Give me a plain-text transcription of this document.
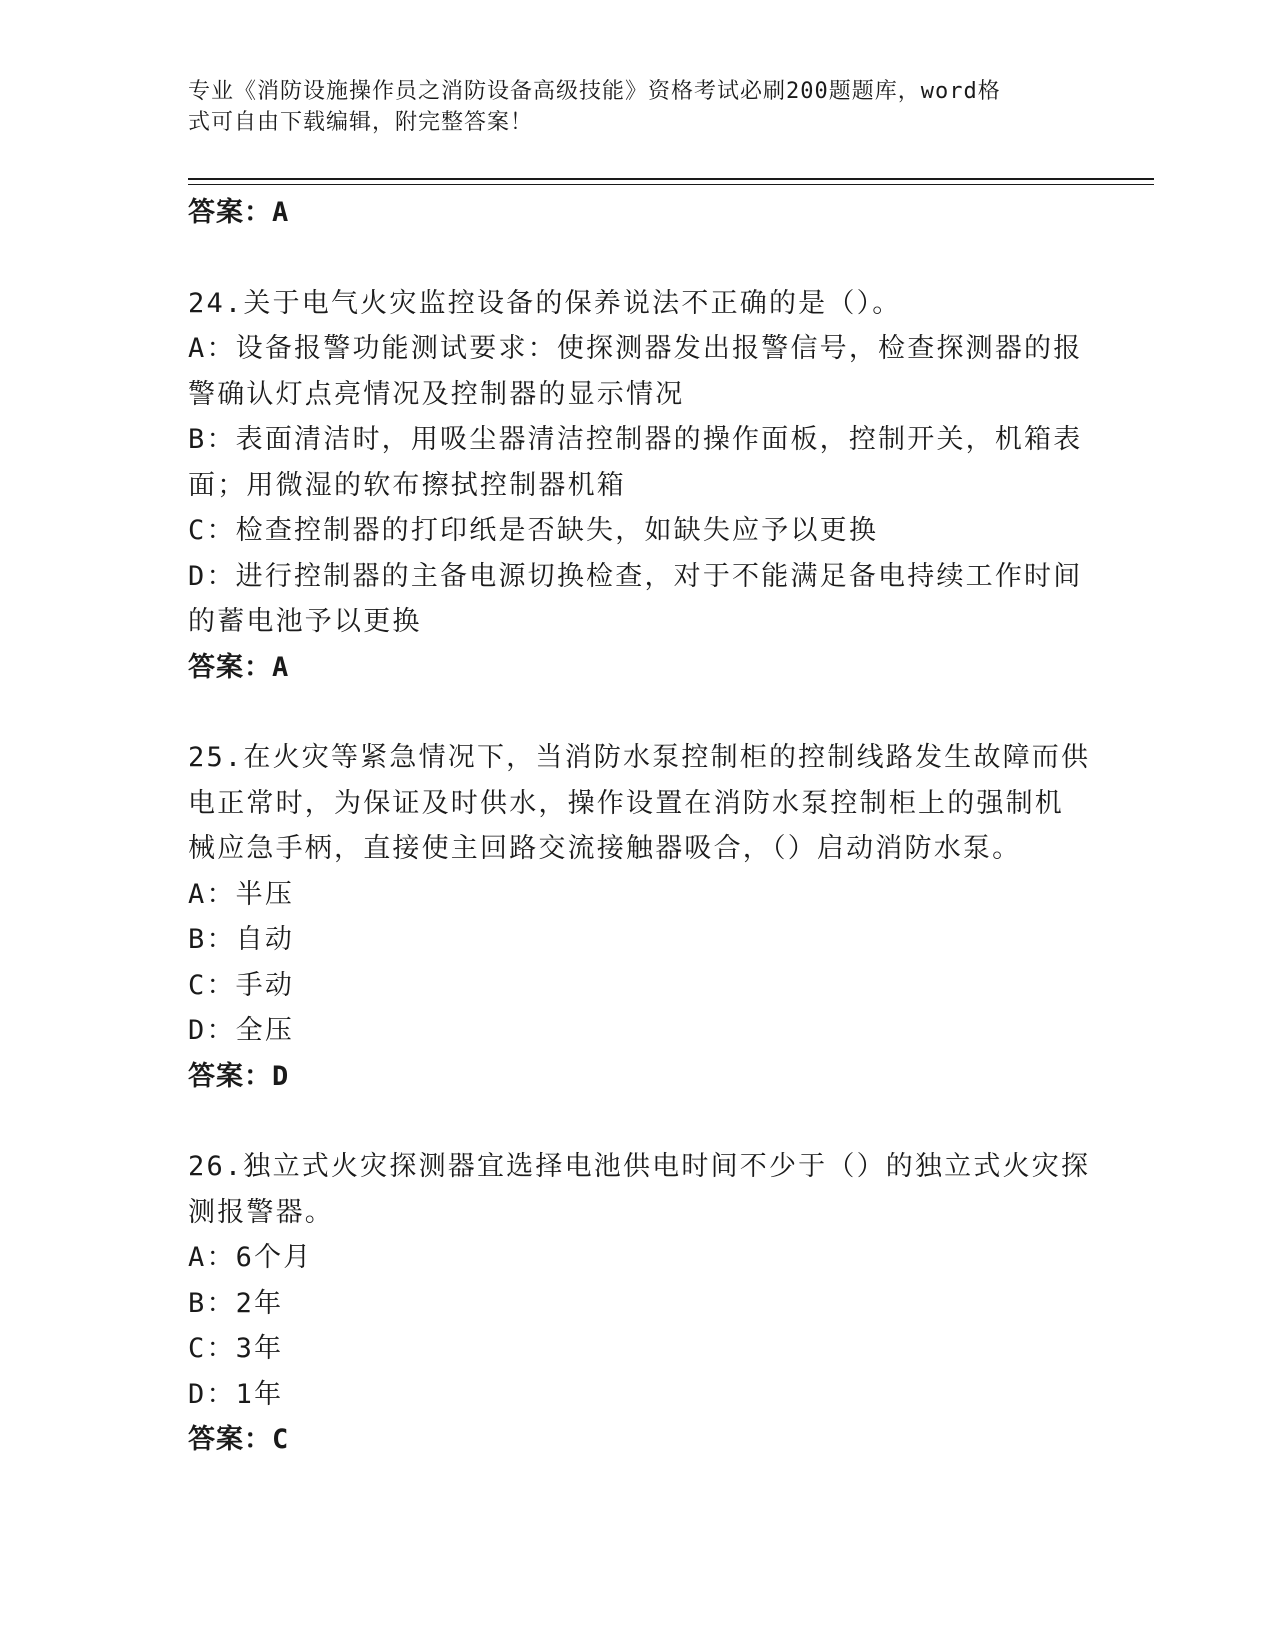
专业《消防设施操作员之消防设备高级技能》资格考试必刷200题题库，word格
式可自由下载编辑，附完整答案！
答案：A
24.关于电气火灾监控设备的保养说法不正确的是（）。
A：设备报警功能测试要求：使探测器发出报警信号，检查探测器的报
警确认灯点亮情况及控制器的显示情况
B：表面清洁时，用吸尘器清洁控制器的操作面板，控制开关，机箱表
面；用微湿的软布擦拭控制器机箱
C：检查控制器的打印纸是否缺失，如缺失应予以更换
D：进行控制器的主备电源切换检查，对于不能满足备电持续工作时间
的蓄电池予以更换
答案：A
25.在火灾等紧急情况下，当消防水泵控制柜的控制线路发生故障而供
电正常时，为保证及时供水，操作设置在消防水泵控制柜上的强制机
械应急手柄，直接使主回路交流接触器吸合，（）启动消防水泵。
A：半压
B：自动
C：手动
D：全压
答案：D
26.独立式火灾探测器宜选择电池供电时间不少于（）的独立式火灾探
测报警器。
A：6个月
B：2年
C：3年
D：1年
答案：C
